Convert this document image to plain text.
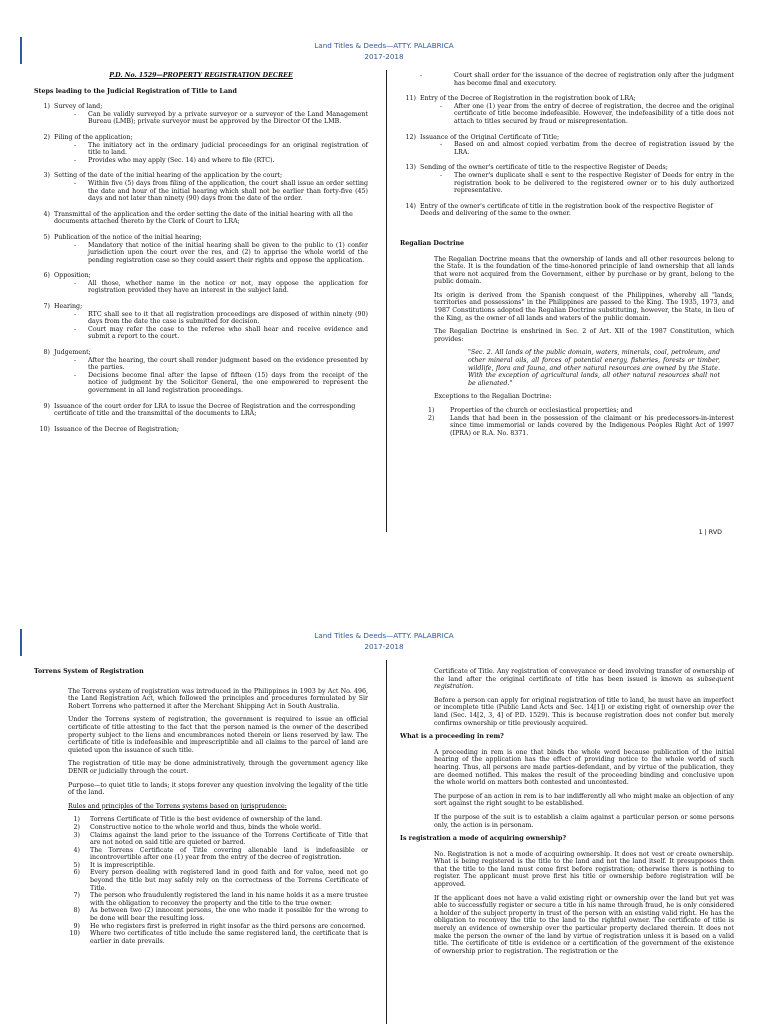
Land Titles & Deeds—ATTY. PALABRICA
2017-2018
P.D. No. 1529—PROPERTY REGISTRATION DECREE
Steps leading to the Judicial Registration of Title to Land
1) Survey of land;
- Can be validly surveyed by a private surveyor or a surveyor of the Land Management Bureau (LMB); private surveyor must be approved by the Director Of the LMB.
2) Filing of the application;
- The initiatory act in the ordinary judicial proceedings for an original registration of title to land.
- Provides who may apply (Sec. 14) and where to file (RTC).
3) Setting of the date of the initial hearing of the application by the court;
- Within five (5) days from filing of the application, the court shall issue an order setting the date and hour of the initial hearing which shall not be earlier than forty-five (45) days and not later than ninety (90) days from the date of the order.
4) Transmittal of the application and the order setting the date of the initial hearing with all the documents attached thereto by the Clerk of Court to LRA;
5) Publication of the notice of the initial hearing;
- Mandatory that notice of the initial hearing shall be given to the public to (1) confer jurisdiction upon the court over the res, and (2) to apprise the whole world of the pending registration case so they could assert their rights and oppose the application.
6) Opposition;
- All those, whether name in the notice or not, may oppose the application for registration provided they have an interest in the subject land.
7) Hearing;
- RTC shall see to it that all registration proceedings are disposed of within ninety (90) days from the date the case is submitted for decision.
- Court may refer the case to the referee who shall hear and receive evidence and submit a report to the court.
8) Judgement;
- After the hearing, the court shall render judgment based on the evidence presented by the parties.
- Decisions become final after the lapse of fifteen (15) days from the receipt of the notice of judgment by the Solicitor General, the one empowered to represent the government in all land registration proceedings.
9) Issuance of the court order for LRA to issue the Decree of Registration and the corresponding certificate of title and the transmittal of the documents to LRA;
10) Issuance of the Decree of Registration;
- Court shall order for the issuance of the decree of registration only after the judgment has become final and executory.
11) Entry of the Decree of Registration in the registration book of LRA;
- After one (1) year from the entry of decree of registration, the decree and the original certificate of title become indefeasible. However, the indefeasibility of a title does not attach to titles secured by fraud or misrepresentation.
12) Issuance of the Original Certificate of Title;
- Based on and almost copied verbatim from the decree of registration issued by the LRA.
13) Sending of the owner's certificate of title to the respective Register of Deeds;
- The owner's duplicate shall e sent to the respective Register of Deeds for entry in the registration book to be delivered to the registered owner or to his duly authorized representative.
14) Entry of the owner's certificate of title in the registration book of the respective Register of Deeds and delivering of the same to the owner.
Regalian Doctrine

The Regalian Doctrine means that the ownership of lands and all other resources belong to the State. It is the foundation of the time-honored principle of land ownership that all lands that were not acquired from the Government, either by purchase or by grant, belong to the public domain.

Its origin is derived from the Spanish conquest of the Philippines, whereby all "lands, territories and possessions" in the Philippines are passed to the King. The 1935, 1973, and 1987 Constitutions adopted the Regalian Doctrine substituting, however, the State, in lieu of the King, as the owner of all lands and waters of the public domain.

The Regalian Doctrine is enshrined in Sec. 2 of Art. XII of the 1987 Constitution, which provides:

"Sec. 2. All lands of the public domain, waters, minerals, coal, petroleum, and other mineral oils, all forces of potential energy, fisheries, forests or timber, wildlife, flora and fauna, and other natural resources are owned by the State. With the exception of agricultural lands, all other natural resources shall not be alienated."

Exceptions to the Regalian Doctrine:

1) Properties of the church or ecclesiastical properties; and
2) Lands that had been in the possession of the claimant or his predecessors-in-interest since time immemorial or lands covered by the Indigenous Peoples Right Act of 1997 (IPRA) or R.A. No. 8371.
1 | RVD
Land Titles & Deeds—ATTY. PALABRICA
2017-2018
Torrens System of Registration

The Torrens system of registration was introduced in the Philippines in 1903 by Act No. 496, the Land Registration Act, which followed the principles and procedures formulated by Sir Robert Torrens who patterned it after the Merchant Shipping Act in South Australia.

Under the Torrens system of registration, the government is required to issue an official certificate of title attesting to the fact that the person named is the owner of the described property subject to the liens and encumbrances noted therein or liens reserved by law. The certificate of title is indefeasible and imprescriptible and all claims to the parcel of land are quieted upon the issuance of such title.

The registration of title may be done administratively, through the government agency like DENR or judicially through the court.

Purpose—to quiet title to lands; it stops forever any question involving the legality of the title of the land.

Rules and principles of the Torrens systems based on jurisprudence:

1) Torrens Certificate of Title is the best evidence of ownership of the land.
2) Constructive notice to the whole world and thus, binds the whole world.
3) Claims against the land prior to the issuance of the Torrens Certificate of Title that are not noted on said title are quieted or barred.
4) The Torrens Certificate of Title covering alienable land is indefeasible or incontrovertible after one (1) year from the entry of the decree of registration.
5) It is imprescriptible.
6) Every person dealing with registered land in good faith and for value, need not go beyond the title but may safely rely on the correctness of the Torrens Certificate of Title.
7) The person who fraudulently registered the land in his name holds it as a mere trustee with the obligation to reconvey the property and the title to the true owner.
8) As between two (2) innocent persons, the one who made it possible for the wrong to be done will bear the resulting loss.
9) He who registers first is preferred in right insofar as the third persons are concerned.
10) Where two certificates of title include the same registered land, the certificate that is earlier in date prevails.

Certificate of Title. Any registration of conveyance or deed involving transfer of ownership of the land after the original certificate of title has been issued is known as subsequent registration.

Before a person can apply for original registration of title to land, he must have an imperfect or incomplete title (Public Land Acts and Sec. 14[1]) or existing right of ownership over the land (Sec. 14[2, 3, 4] of P.D. 1529). This is because registration does not confer but merely confirms ownership or title previously acquired.

What is a proceeding in rem?

A proceeding in rem is one that binds the whole word because publication of the initial hearing of the application has the effect of providing notice to the whole world of such hearing. Thus, all persons are made parties-defendant, and by virtue of the publication, they are deemed notified. This makes the result of the proceeding binding and conclusive upon the whole world on matters both contested and uncontested.

The purpose of an action in rem is to bar indifferently all who might make an objection of any sort against the right sought to be established.

If the purpose of the suit is to establish a claim against a particular person or some persons only, the action is in personam.

Is registration a mode of acquiring ownership?

No. Registration is not a mode of acquiring ownership. It does not vest or create ownership. What is being registered is the title to the land and not the land itself. It presupposes then that the title to the land must come first before registration; otherwise there is nothing to register. The applicant must prove first his title or ownership before registration will be approved.

If the applicant does not have a valid existing right or ownership over the land but yet was able to successfully register or secure a title in his name through fraud, he is only considered a holder of the subject property in trust of the person with an existing valid right. He has the obligation to reconvey the title to the land to the rightful owner. The certificate of title is merely an evidence of ownership over the particular property declared therein. It does not make the person the owner of the land by virtue of registration unless it is based on a valid title. The certificate of title is evidence or a certification of the government of the existence of ownership prior to registration. The registration or the
